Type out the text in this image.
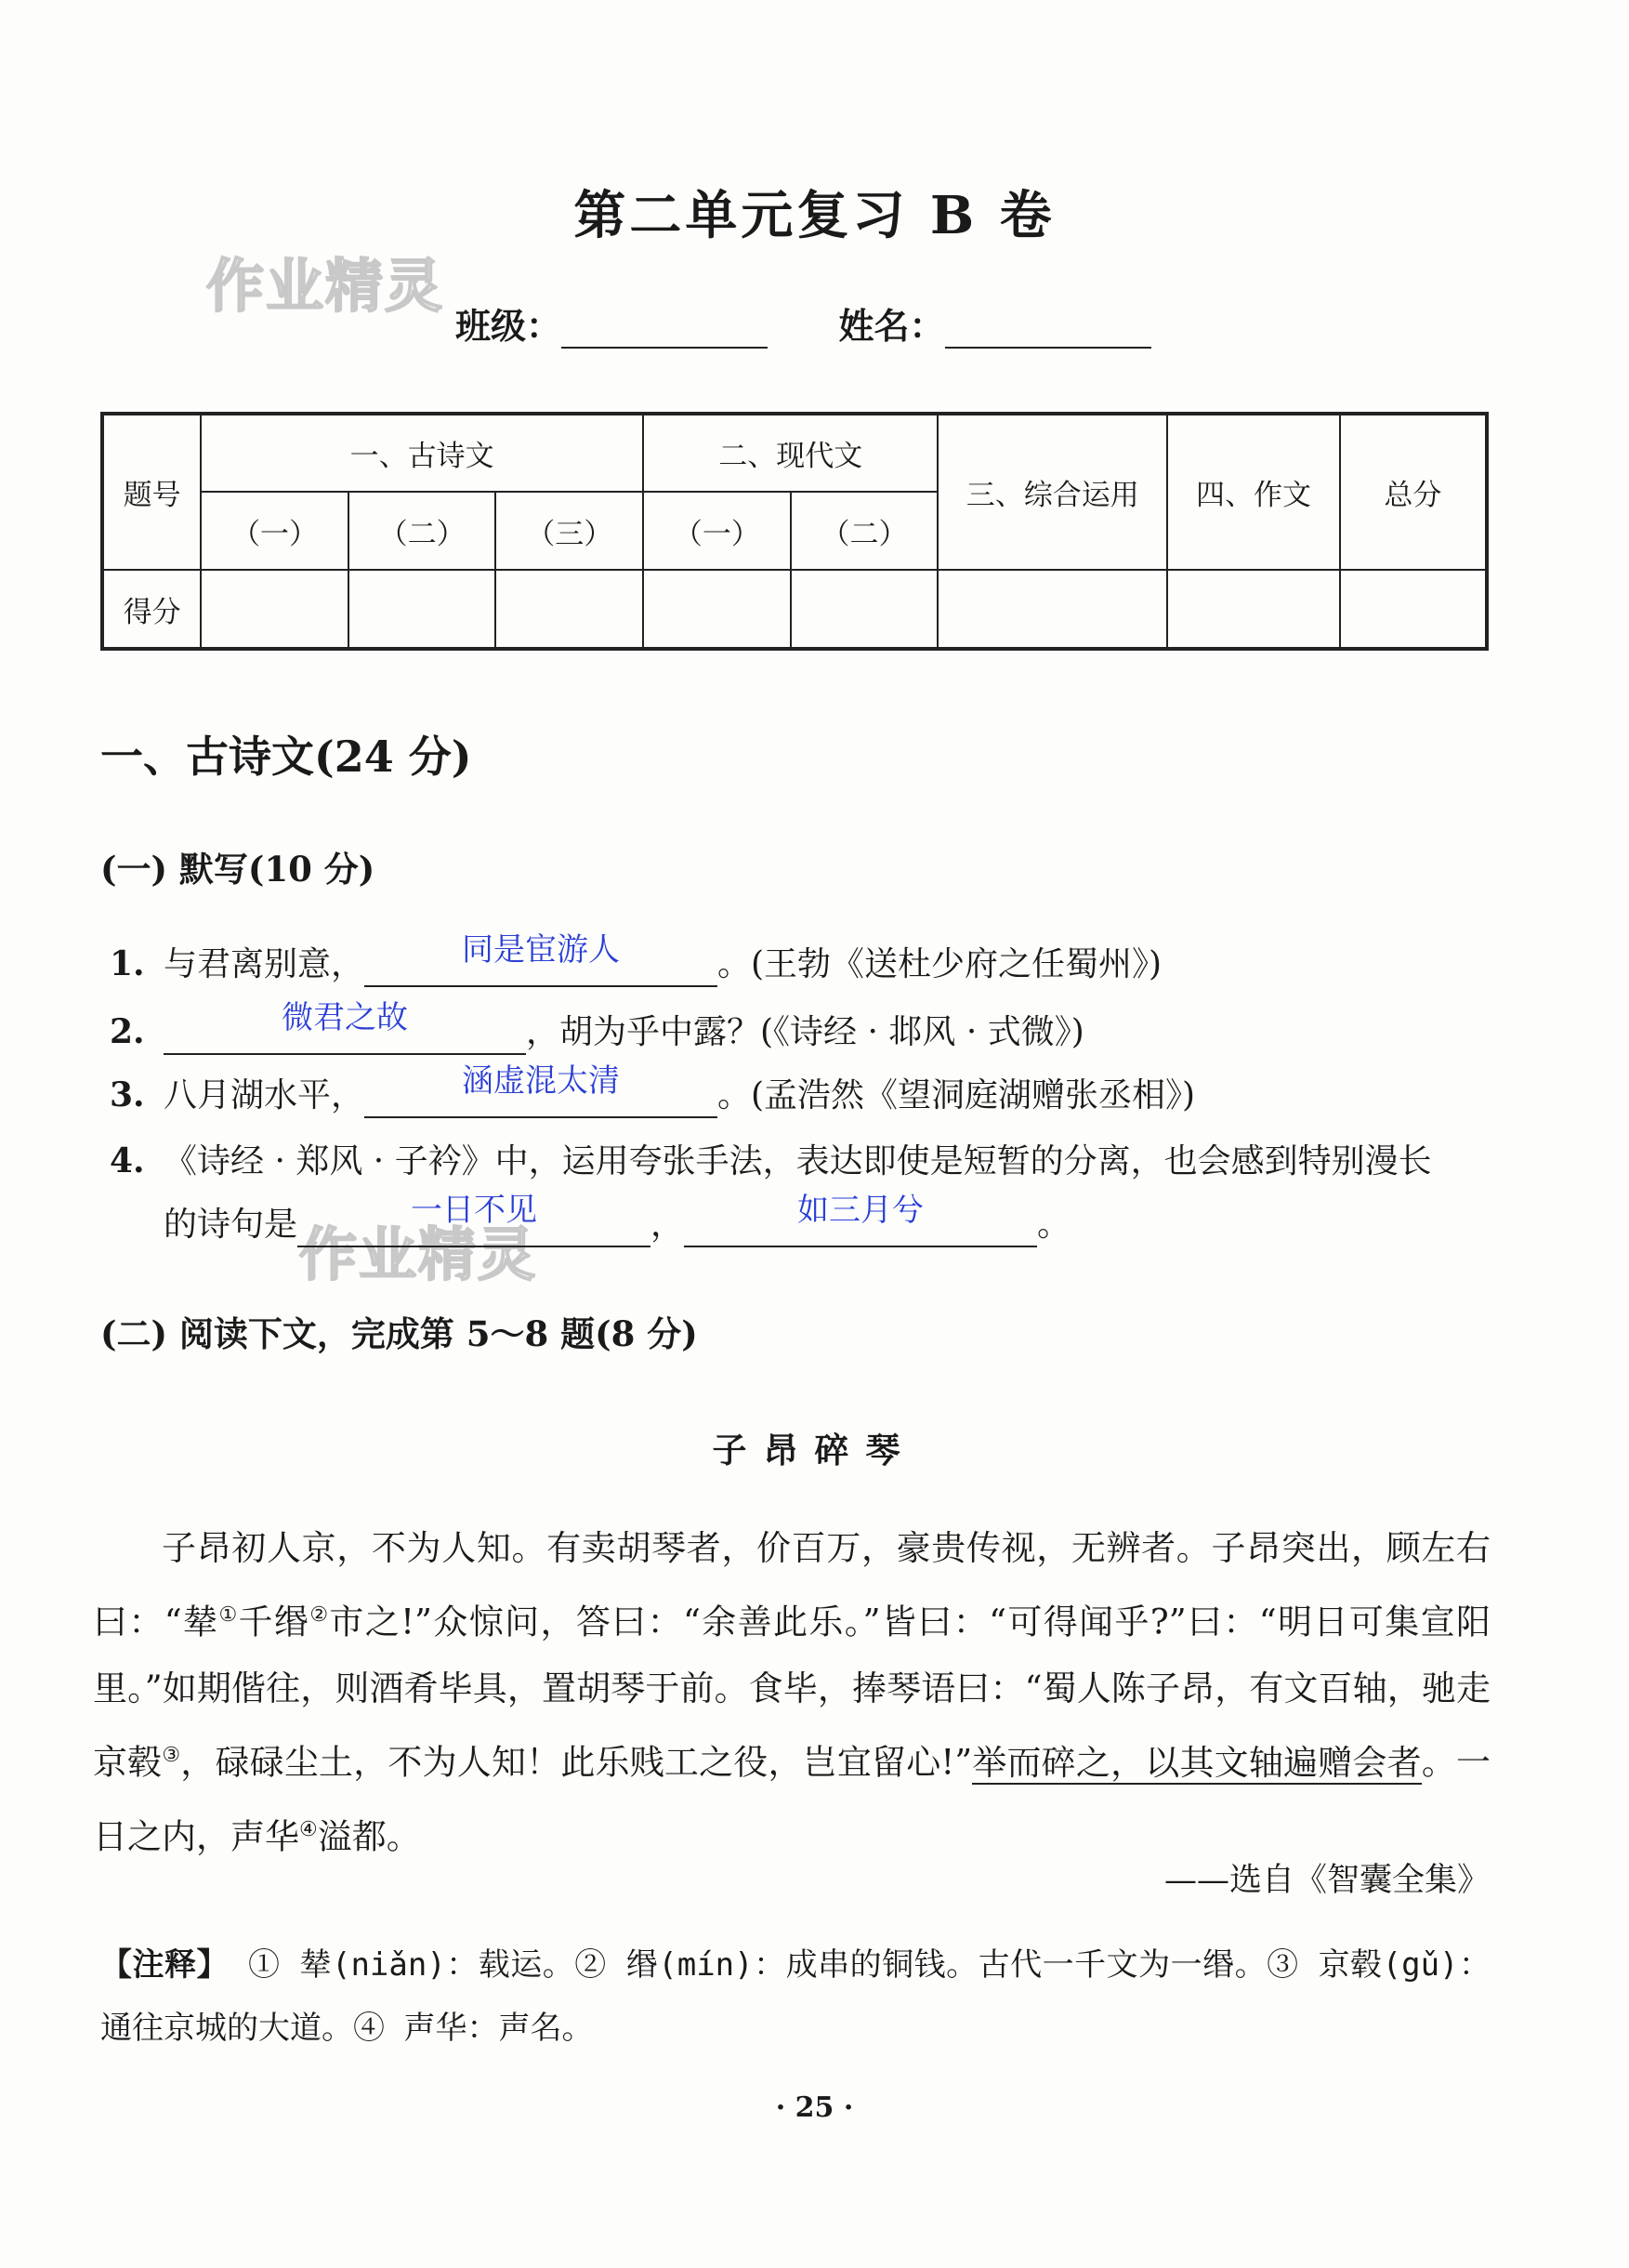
第二单元复习 B 卷
作业精灵
作业精灵
班级：	姓名：
题号	一、古诗文			二、现代文		三、综合运用	四、作文	总分
	（一）	（二）	（三）	（一）	（二）			
得分								
一、古诗文(24 分)
(一) 默写(10 分)
1. 与君离别意，	同是宦游人	。(王勃《送杜少府之任蜀州》)
2.	微君之故	，胡为乎中露？(《诗经 · 邶风 · 式微》)
3. 八月湖水平，	涵虚混太清	。(孟浩然《望洞庭湖赠张丞相》)
4. 《诗经 · 郑风 · 子衿》中，运用夸张手法，表达即使是短暂的分离，也会感到特别漫长
的诗句是	一日不见	，	如三月兮	。
(二) 阅读下文，完成第 5～8 题(8 分)
子昂碎琴
子昂初人京，不为人知。有卖胡琴者，价百万，豪贵传视，无辨者。子昂突出，顾左右曰：“辇①千缗②市之!”众惊问，答曰：“余善此乐。”皆曰：“可得闻乎?”曰：“明日可集宣阳里。”如期偕往，则酒肴毕具，置胡琴于前。食毕，捧琴语曰：“蜀人陈子昂，有文百轴，驰走京毂③，碌碌尘土，不为人知！此乐贱工之役，岂宜留心!”举而碎之，以其文轴遍赠会者。一日之内，声华④溢都。
——选自《智囊全集》
【注释】 ① 辇(niǎn)：载运。② 缗(mín)：成串的铜钱。古代一千文为一缗。③ 京毂(gǔ)：通往京城的大道。④ 声华：声名。
· 25 ·
